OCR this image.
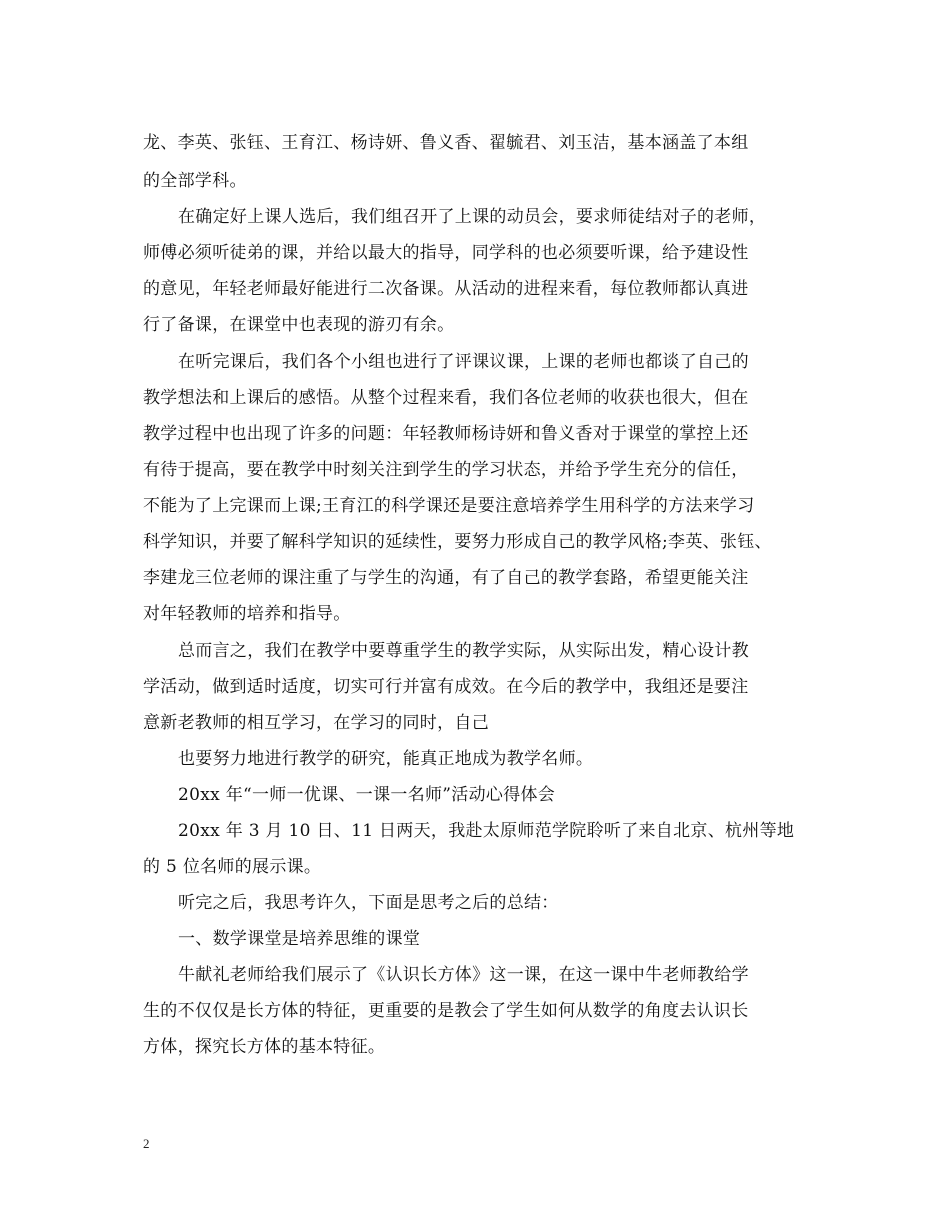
龙、李英、张钰、王育江、杨诗妍、鲁义香、翟毓君、刘玉洁，基本涵盖了本组
的全部学科。
在确定好上课人选后，我们组召开了上课的动员会，要求师徒结对子的老师，
师傅必须听徒弟的课，并给以最大的指导，同学科的也必须要听课，给予建设性
的意见，年轻老师最好能进行二次备课。从活动的进程来看，每位教师都认真进
行了备课，在课堂中也表现的游刃有余。
在听完课后，我们各个小组也进行了评课议课，上课的老师也都谈了自己的
教学想法和上课后的感悟。从整个过程来看，我们各位老师的收获也很大，但在
教学过程中也出现了许多的问题：年轻教师杨诗妍和鲁义香对于课堂的掌控上还
有待于提高，要在教学中时刻关注到学生的学习状态，并给予学生充分的信任，
不能为了上完课而上课;王育江的科学课还是要注意培养学生用科学的方法来学习
科学知识，并要了解科学知识的延续性，要努力形成自己的教学风格;李英、张钰、
李建龙三位老师的课注重了与学生的沟通，有了自己的教学套路，希望更能关注
对年轻教师的培养和指导。
总而言之，我们在教学中要尊重学生的教学实际，从实际出发，精心设计教
学活动，做到适时适度，切实可行并富有成效。在今后的教学中，我组还是要注
意新老教师的相互学习，在学习的同时，自己
也要努力地进行教学的研究，能真正地成为教学名师。
20xx 年“一师一优课、一课一名师”活动心得体会
20xx 年 3 月 10 日、11 日两天，我赴太原师范学院聆听了来自北京、杭州等地
的 5 位名师的展示课。
听完之后，我思考许久，下面是思考之后的总结：
一、数学课堂是培养思维的课堂
牛献礼老师给我们展示了《认识长方体》这一课，在这一课中牛老师教给学
生的不仅仅是长方体的特征，更重要的是教会了学生如何从数学的角度去认识长
方体，探究长方体的基本特征。
2
